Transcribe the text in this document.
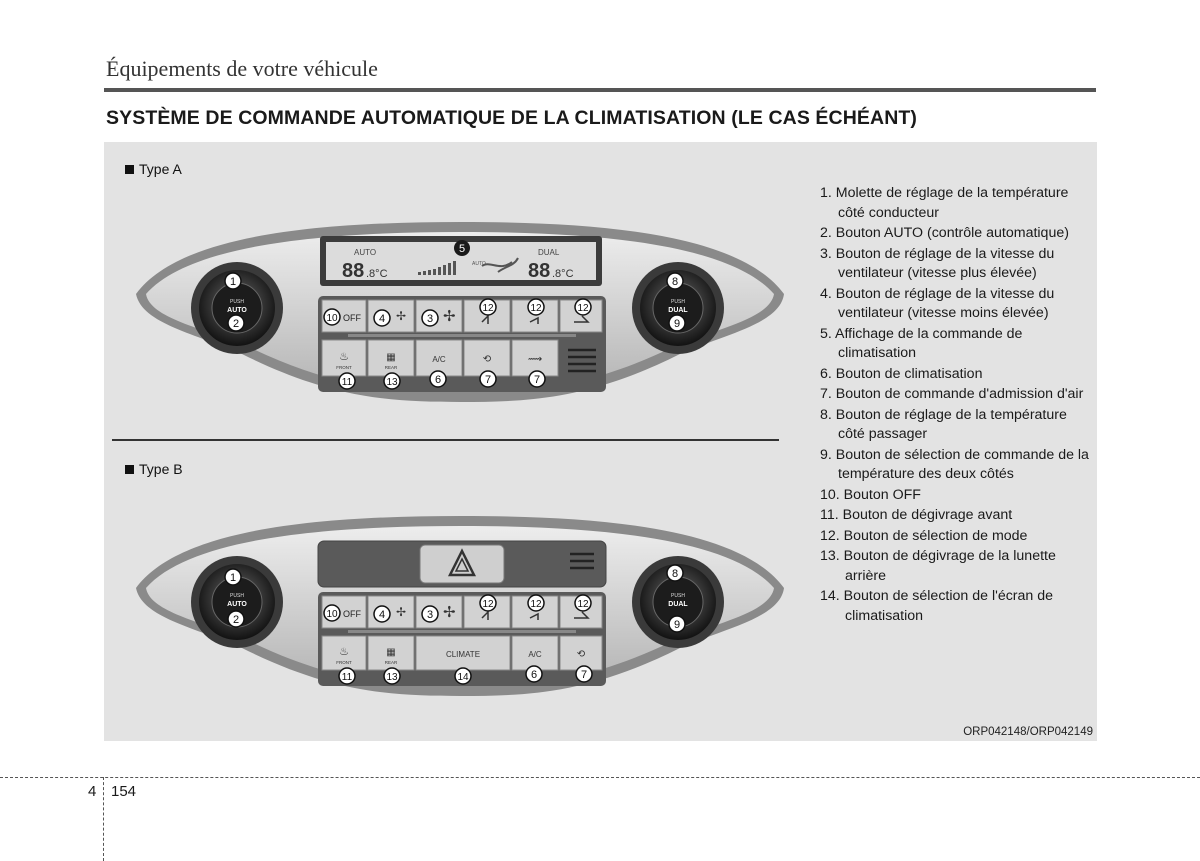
Équipements de votre véhicule
SYSTÈME DE COMMANDE AUTOMATIQUE DE LA CLIMATISATION (LE CAS ÉCHÉANT)
Type A
AUTO	DUAL
88 .8°C	88 .8°C
AUTO
5
PUSH
AUTO
1
2
PUSH
DUAL
8
9
OFF
10	✢
4	✢
3
12	12	12
♨
FRONT
▦
REAR
A/C	⟲	⟿
11	13	6	7	7
Type B
PUSH
AUTO
1
2
PUSH
DUAL
8
9
OFF
10	✢
4	✢
3
12	12	12
♨
FRONT
▦
REAR
CLIMATE	A/C	⟲
11	13	14	6	7
1. Molette de réglage de la température côté conducteur
2. Bouton AUTO (contrôle automatique)
3. Bouton de réglage de la vitesse du ventilateur (vitesse plus élevée)
4. Bouton de réglage de la vitesse du ventilateur (vitesse moins élevée)
5. Affichage de la commande de climatisation
6. Bouton de climatisation
7. Bouton de commande d'admission d'air
8. Bouton de réglage de la température côté passager
9. Bouton de sélection de commande de la température des deux côtés
10. Bouton OFF
11. Bouton de dégivrage avant
12. Bouton de sélection de mode
13. Bouton de dégivrage de la lunette arrière
14. Bouton de sélection de l'écran de climatisation
ORP042148/ORP042149
4 154
